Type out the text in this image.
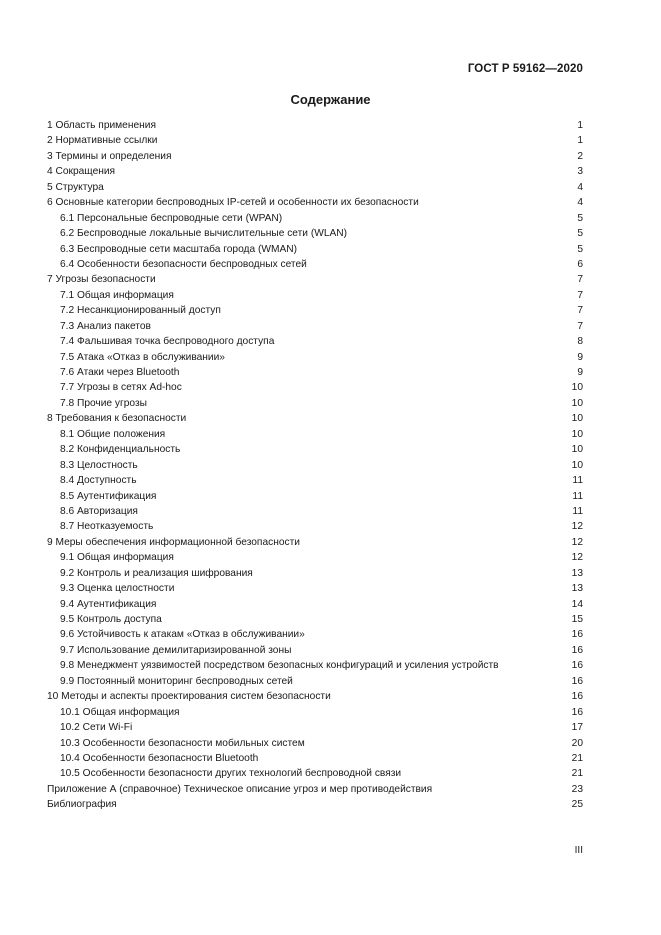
ГОСТ Р 59162—2020
Содержание
1 Область применения	1
2 Нормативные ссылки	1
3 Термины и определения	2
4 Сокращения	3
5 Структура	4
6 Основные категории беспроводных IP-сетей и особенности их безопасности	4
6.1 Персональные беспроводные сети (WPAN)	5
6.2 Беспроводные локальные вычислительные сети (WLAN)	5
6.3 Беспроводные сети масштаба города (WMAN)	5
6.4 Особенности безопасности беспроводных сетей	6
7 Угрозы безопасности	7
7.1 Общая информация	7
7.2 Несанкционированный доступ	7
7.3 Анализ пакетов	7
7.4 Фальшивая точка беспроводного доступа	8
7.5 Атака «Отказ в обслуживании»	9
7.6 Атаки через Bluetooth	9
7.7 Угрозы в сетях Ad-hoc	10
7.8 Прочие угрозы	10
8 Требования к безопасности	10
8.1 Общие положения	10
8.2 Конфиденциальность	10
8.3 Целостность	10
8.4 Доступность	11
8.5 Аутентификация	11
8.6 Авторизация	11
8.7 Неотказуемость	12
9 Меры обеспечения информационной безопасности	12
9.1 Общая информация	12
9.2 Контроль и реализация шифрования	13
9.3 Оценка целостности	13
9.4 Аутентификация	14
9.5 Контроль доступа	15
9.6 Устойчивость к атакам «Отказ в обслуживании»	16
9.7 Использование демилитаризированной зоны	16
9.8 Менеджмент уязвимостей посредством безопасных конфигураций и усиления устройств	16
9.9 Постоянный мониторинг беспроводных сетей	16
10 Методы и аспекты проектирования систем безопасности	16
10.1 Общая информация	16
10.2 Сети Wi-Fi	17
10.3 Особенности безопасности мобильных систем	20
10.4 Особенности безопасности Bluetooth	21
10.5 Особенности безопасности других технологий беспроводной связи	21
Приложение А (справочное) Техническое описание угроз и мер противодействия	23
Библиография	25
III
